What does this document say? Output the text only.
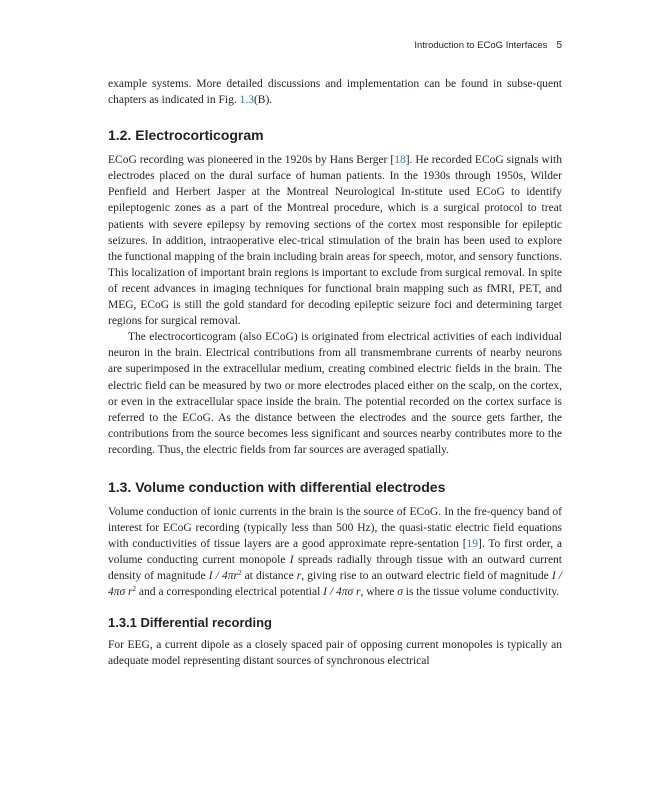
Introduction to ECoG Interfaces 5

example systems. More detailed discussions and implementation can be found in subse-quent chapters as indicated in Fig. 1.3(B).

1.2. Electrocorticogram

ECoG recording was pioneered in the 1920s by Hans Berger [18]. He recorded ECoG signals with electrodes placed on the dural surface of human patients. In the 1930s through 1950s, Wilder Penfield and Herbert Jasper at the Montreal Neurological In-stitute used ECoG to identify epileptogenic zones as a part of the Montreal procedure, which is a surgical protocol to treat patients with severe epilepsy by removing sections of the cortex most responsible for epileptic seizures. In addition, intraoperative elec-trical stimulation of the brain has been used to explore the functional mapping of the brain including brain areas for speech, motor, and sensory functions. This localization of important brain regions is important to exclude from surgical removal. In spite of recent advances in imaging techniques for functional brain mapping such as fMRI, PET, and MEG, ECoG is still the gold standard for decoding epileptic seizure foci and determining target regions for surgical removal.

The electrocorticogram (also ECoG) is originated from electrical activities of each individual neuron in the brain. Electrical contributions from all transmembrane currents of nearby neurons are superimposed in the extracellular medium, creating combined electric fields in the brain. The electric field can be measured by two or more electrodes placed either on the scalp, on the cortex, or even in the extracellular space inside the brain. The potential recorded on the cortex surface is referred to the ECoG. As the distance between the electrodes and the source gets farther, the contributions from the source becomes less significant and sources nearby contributes more to the recording. Thus, the electric fields from far sources are averaged spatially.

1.3. Volume conduction with differential electrodes

Volume conduction of ionic currents in the brain is the source of ECoG. In the fre-quency band of interest for ECoG recording (typically less than 500 Hz), the quasi-static electric field equations with conductivities of tissue layers are a good approximate repre-sentation [19]. To first order, a volume conducting current monopole I spreads radially through tissue with an outward current density of magnitude I / $4\pi r^2$ at distance r, giving rise to an outward electric field of magnitude I / 4πσ $r^2$ and a corresponding electrical potential I / 4πσ r, where σ is the tissue volume conductivity.

1.3.1 Differential recording

For EEG, a current dipole as a closely spaced pair of opposing current monopoles is typically an adequate model representing distant sources of synchronous electrical
